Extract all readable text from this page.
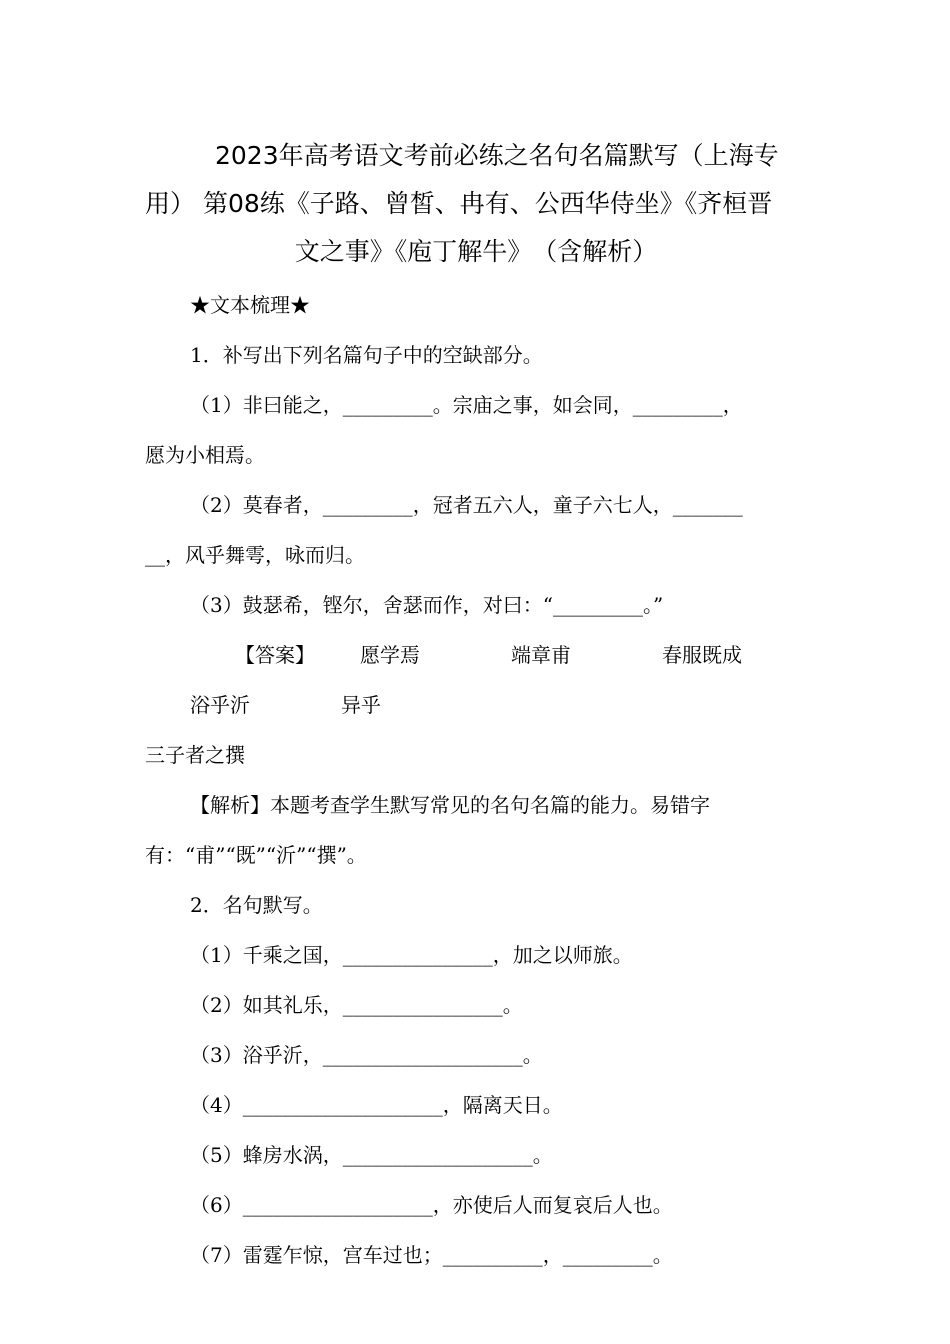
2023年高考语文考前必练之名句名篇默写（上海专
用） 第08练《子路、曾皙、冉有、公西华侍坐》《齐桓晋
文之事》《庖丁解牛》　（含解析）

★文本梳理★

1．补写出下列名篇句子中的空缺部分。

（1）非曰能之，_________。宗庙之事，如会同，_________，

愿为小相焉。

（2）莫春者，_________，冠者五六人，童子六七人，_______

__，风乎舞雩，咏而归。

（3）鼓瑟希，铿尔，舍瑟而作，对曰：“_________。”

【答案】 愿学焉	端章甫	春服既成浴乎沂	异乎

三子者之撰

【解析】本题考查学生默写常见的名句名篇的能力。易错字

有：“甫”“既”“沂”“撰”。

2．名句默写。

（1）千乘之国，_______________，加之以师旅。

（2）如其礼乐，________________。

（3）浴乎沂，____________________。

（4）____________________，隔离天日。

（5）蜂房水涡，___________________。

（6）___________________，亦使后人而复哀后人也。

（7）雷霆乍惊，宫车过也；__________，_________。
